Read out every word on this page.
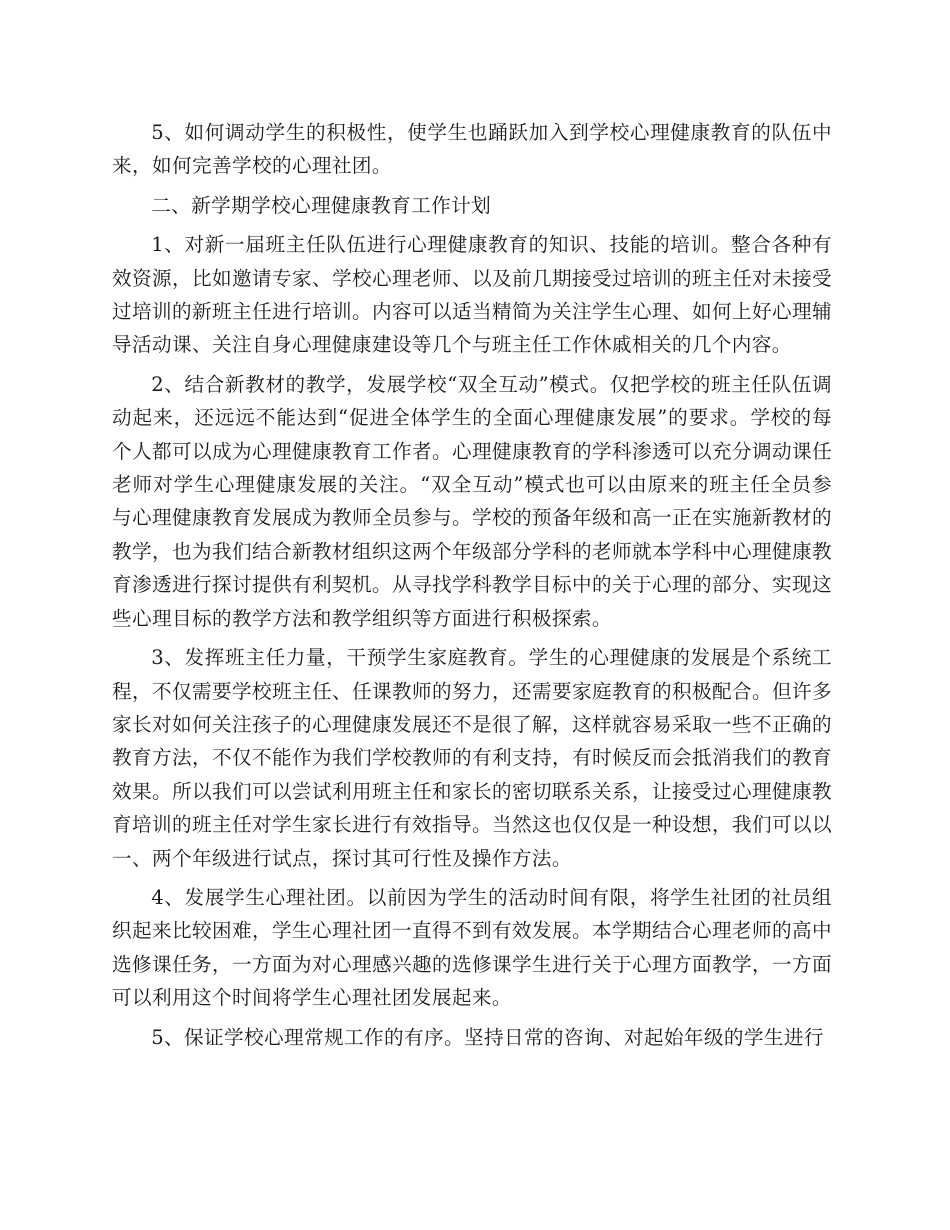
5、如何调动学生的积极性，使学生也踊跃加入到学校心理健康教育的队伍中来，如何完善学校的心理社团。

二、新学期学校心理健康教育工作计划

1、对新一届班主任队伍进行心理健康教育的知识、技能的培训。整合各种有效资源，比如邀请专家、学校心理老师、以及前几期接受过培训的班主任对未接受过培训的新班主任进行培训。内容可以适当精简为关注学生心理、如何上好心理辅导活动课、关注自身心理健康建设等几个与班主任工作休戚相关的几个内容。

2、结合新教材的教学，发展学校“双全互动”模式。仅把学校的班主任队伍调动起来，还远远不能达到“促进全体学生的全面心理健康发展”的要求。学校的每个人都可以成为心理健康教育工作者。心理健康教育的学科渗透可以充分调动课任老师对学生心理健康发展的关注。“双全互动”模式也可以由原来的班主任全员参与心理健康教育发展成为教师全员参与。学校的预备年级和高一正在实施新教材的教学，也为我们结合新教材组织这两个年级部分学科的老师就本学科中心理健康教育渗透进行探讨提供有利契机。从寻找学科教学目标中的关于心理的部分、实现这些心理目标的教学方法和教学组织等方面进行积极探索。

3、发挥班主任力量，干预学生家庭教育。学生的心理健康的发展是个系统工程，不仅需要学校班主任、任课教师的努力，还需要家庭教育的积极配合。但许多家长对如何关注孩子的心理健康发展还不是很了解，这样就容易采取一些不正确的教育方法，不仅不能作为我们学校教师的有利支持，有时候反而会抵消我们的教育效果。所以我们可以尝试利用班主任和家长的密切联系关系，让接受过心理健康教育培训的班主任对学生家长进行有效指导。当然这也仅仅是一种设想，我们可以以一、两个年级进行试点，探讨其可行性及操作方法。

4、发展学生心理社团。以前因为学生的活动时间有限，将学生社团的社员组织起来比较困难，学生心理社团一直得不到有效发展。本学期结合心理老师的高中选修课任务，一方面为对心理感兴趣的选修课学生进行关于心理方面教学，一方面可以利用这个时间将学生心理社团发展起来。

5、保证学校心理常规工作的有序。坚持日常的咨询、对起始年级的学生进行
